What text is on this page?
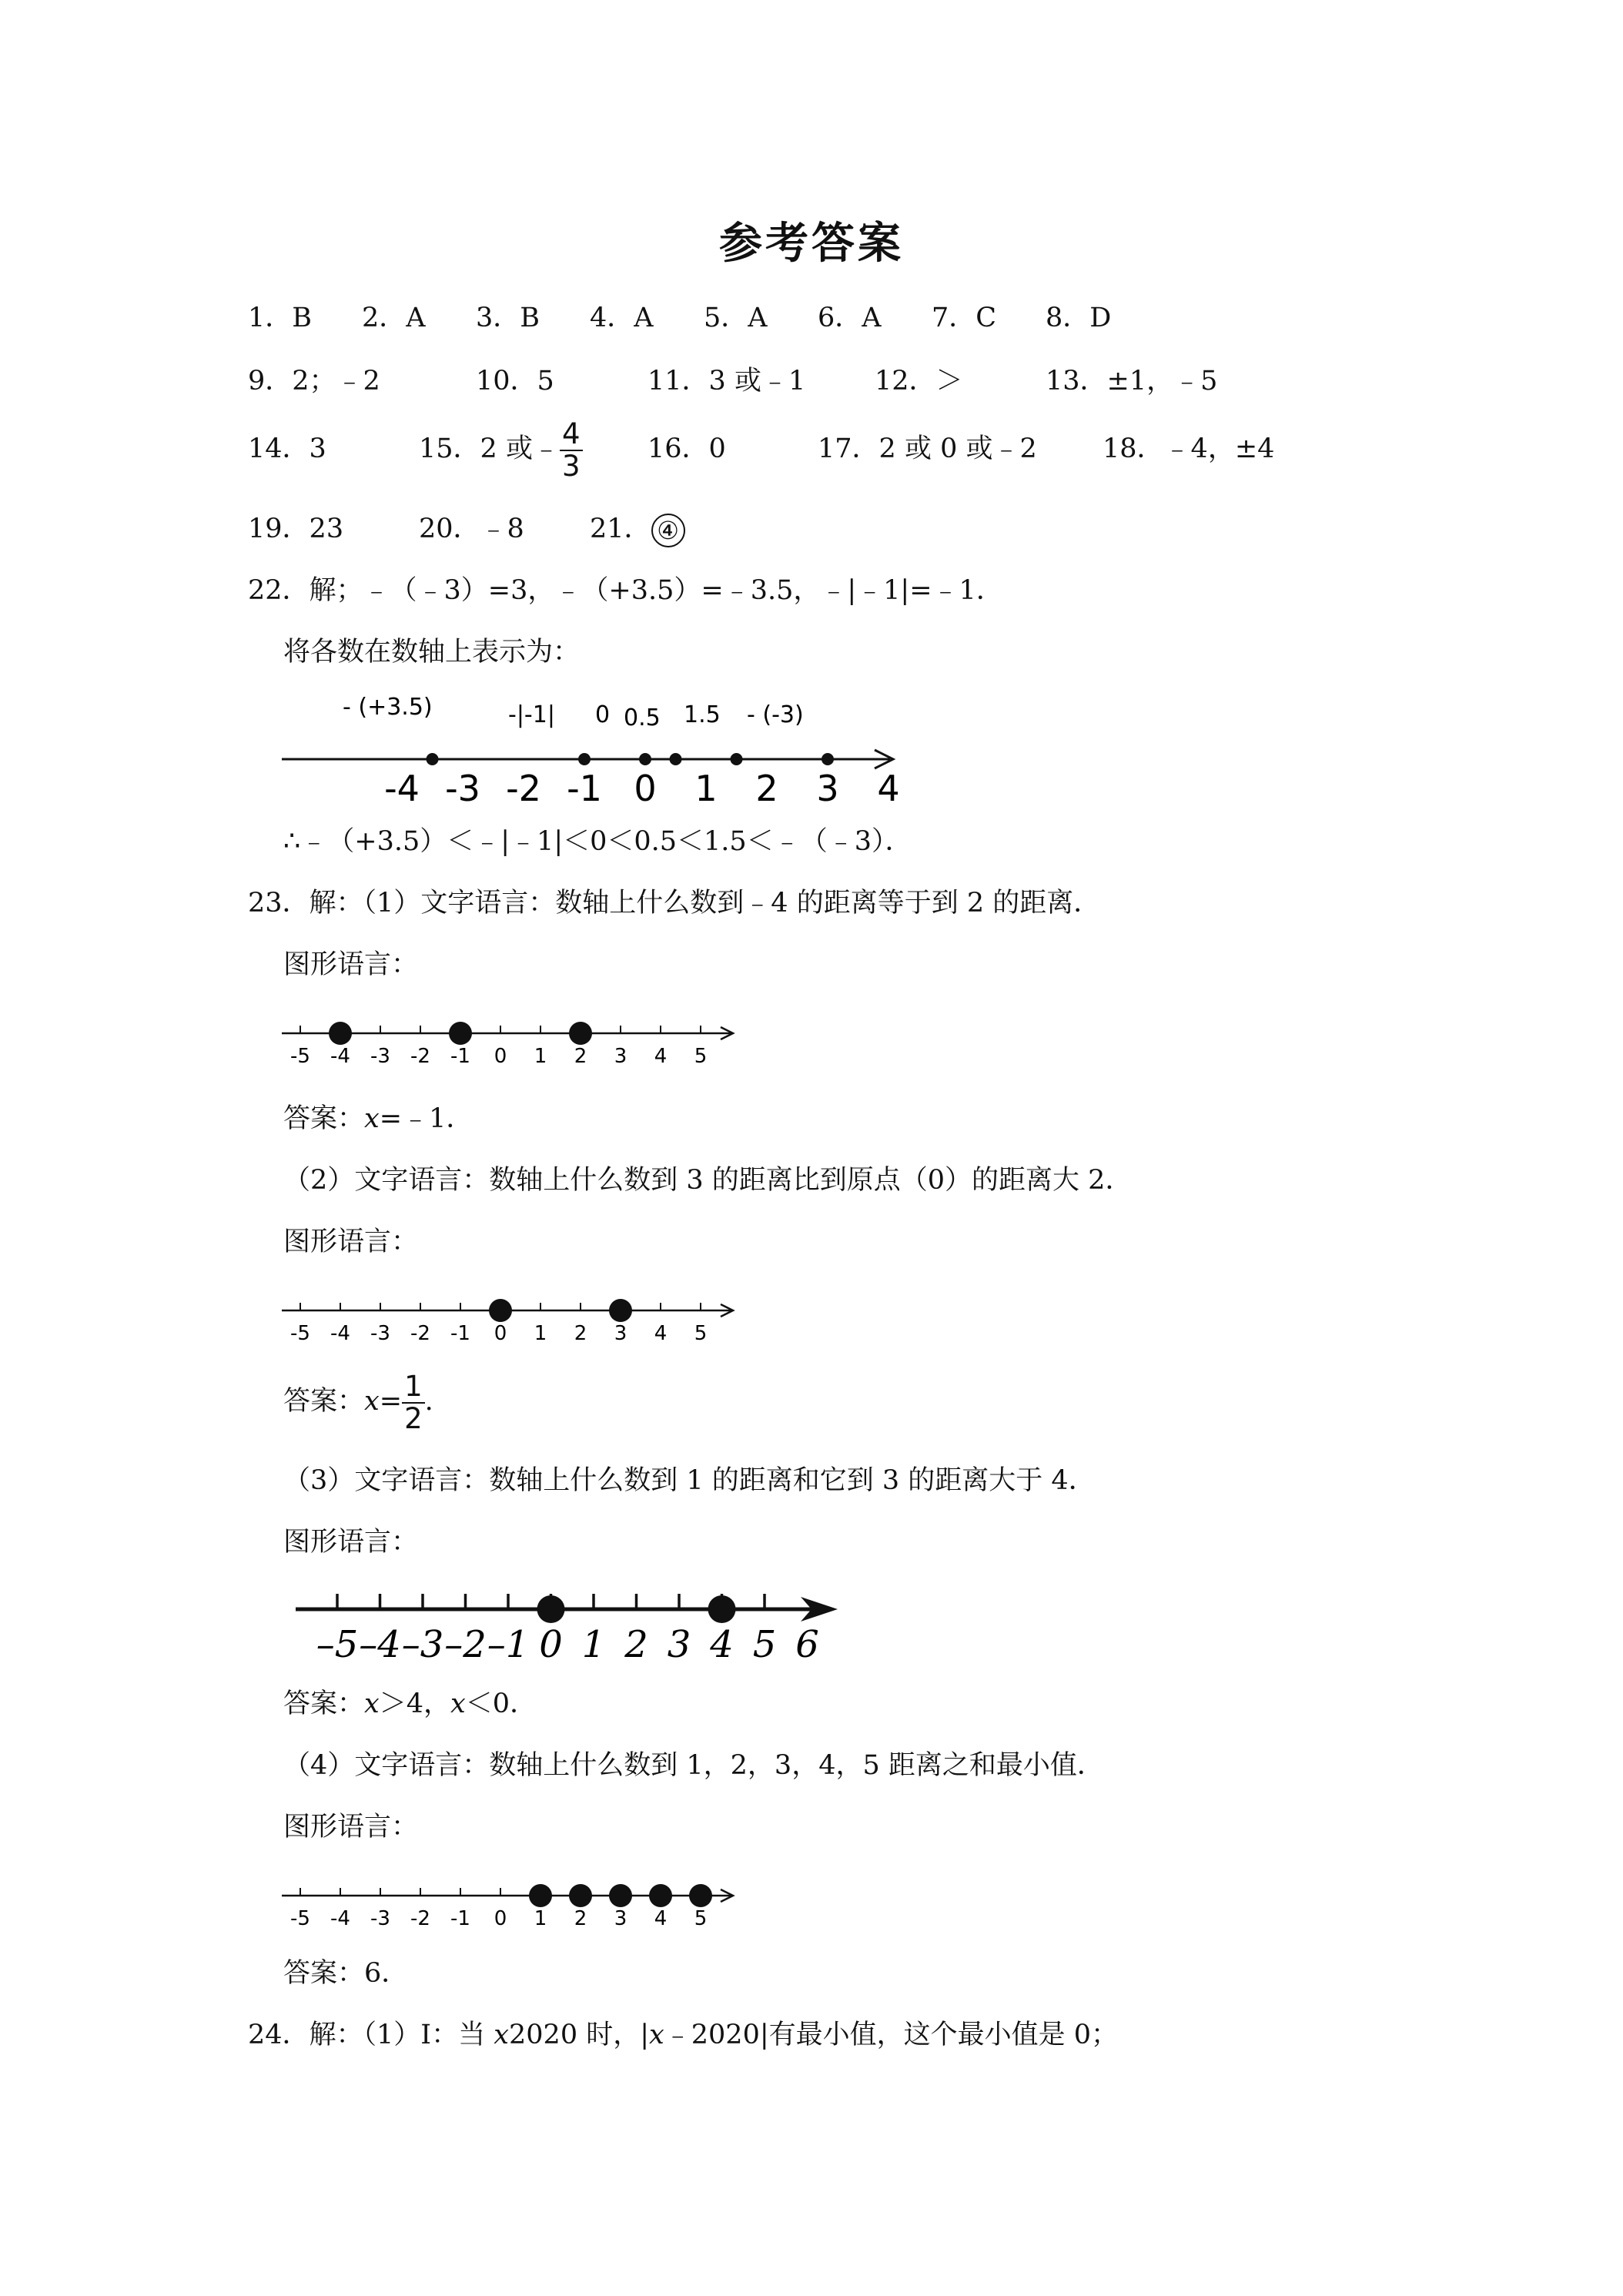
参考答案
1．B 2．A 3．B 4．A 5．A 6．A 7．C 8．D
9．2；﹣2	10．5	11．3 或﹣1	12．＞	13．±1，﹣5
14．3	15．2 或﹣ $\frac{4}{3} 16$．0	17．2 或 0 或﹣2 18．﹣4，±4
19．23	20．﹣8 21． ④
22．解；﹣（﹣3）=3，﹣（+3.5）=﹣3.5，﹣|﹣1|=﹣1．
将各数在数轴上表示为：
-4 -3 -2 -1 0 1 2 3 4
- (+3.5)	-|-1| 0 0.5 1.5 - (-3)
∴﹣（+3.5）＜﹣|﹣1|＜0＜0.5＜1.5＜﹣（﹣3）．
23．解：（1）文字语言：数轴上什么数到﹣4 的距离等于到 2 的距离．
图形语言：
-5 -4 -3 -2 -1 0 1 2 3 4 5
答案：x=﹣1．
（2）文字语言：数轴上什么数到 3 的距离比到原点（0）的距离大 2．
图形语言：
-5 -4 -3 -2 -1 0 1 2 3 4 5
答案：$x= \frac{1}{2}$ .
（3）文字语言：数轴上什么数到 1 的距离和它到 3 的距离大于 4．
图形语言：
–5 –4 –3 –2 –1 0 1 2 3 4 5 6
答案：x＞4，x＜0．
（4）文字语言：数轴上什么数到 1，2，3，4，5 距离之和最小值．
图形语言：
-5 -4 -3 -2 -1 0 1 2 3 4 5
答案：6．
24．解：（1）Ⅰ：当 x2020 时，|x﹣2020|有最小值，这个最小值是 0；
